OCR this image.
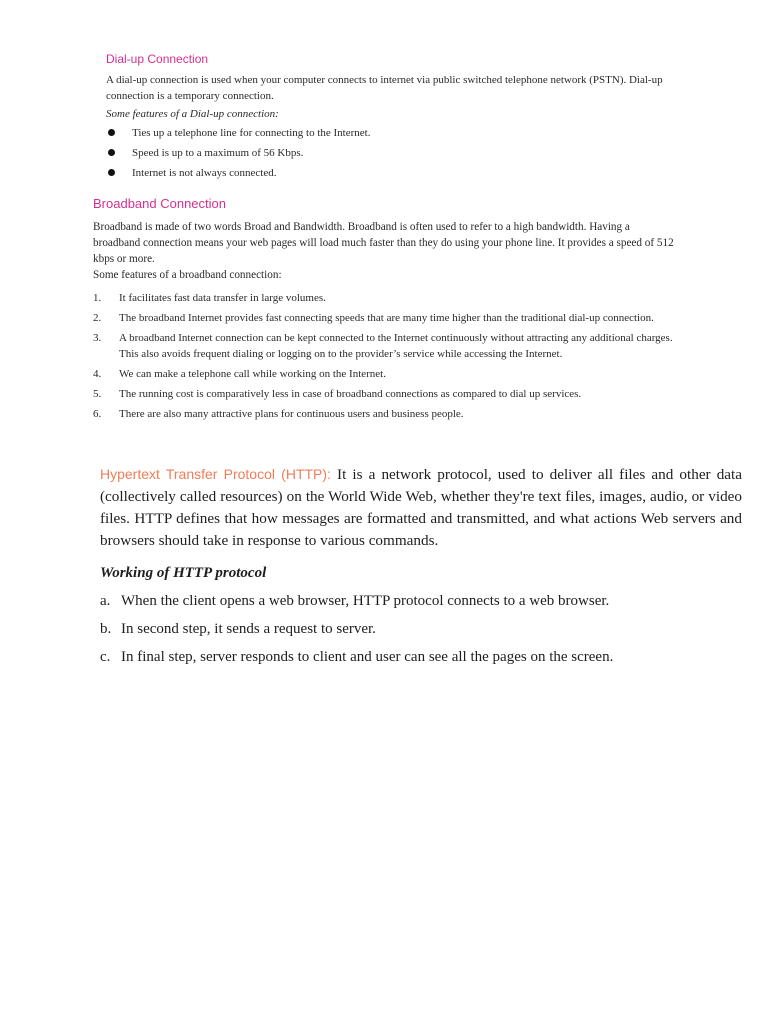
Dial-up Connection

A dial-up connection is used when your computer connects to internet via public switched telephone network (PSTN). Dial-up connection is a temporary connection.

Some features of a Dial-up connection:

Ties up a telephone line for connecting to the Internet.
Speed is up to a maximum of 56 Kbps.
Internet is not always connected.
Broadband Connection

Broadband is made of two words Broad and Bandwidth. Broadband is often used to refer to a high bandwidth. Having a broadband connection means your web pages will load much faster than they do using your phone line. It provides a speed of 512 kbps or more.

Some features of a broadband connection:

1.	It facilitates fast data transfer in large volumes.
2.	The broadband Internet provides fast connecting speeds that are many time higher than the traditional dial-up connection.
3.	A broadband Internet connection can be kept connected to the Internet continuously without attracting any additional charges. This also avoids frequent dialing or logging on to the provider’s service while accessing the Internet.
4.	We can make a telephone call while working on the Internet.
5.	The running cost is comparatively less in case of broadband connections as compared to dial up services.
6.	There are also many attractive plans for continuous users and business people.

Hypertext Transfer Protocol (HTTP): It is a network protocol, used to deliver all files and other data (collectively called resources) on the World Wide Web, whether they're text files, images, audio, or video files. HTTP defines that how messages are formatted and transmitted, and what actions Web servers and browsers should take in response to various commands.

Working of HTTP protocol
a. When the client opens a web browser, HTTP protocol connects to a web browser.
b. In second step, it sends a request to server.
c. In final step, server responds to client and user can see all the pages on the screen.
